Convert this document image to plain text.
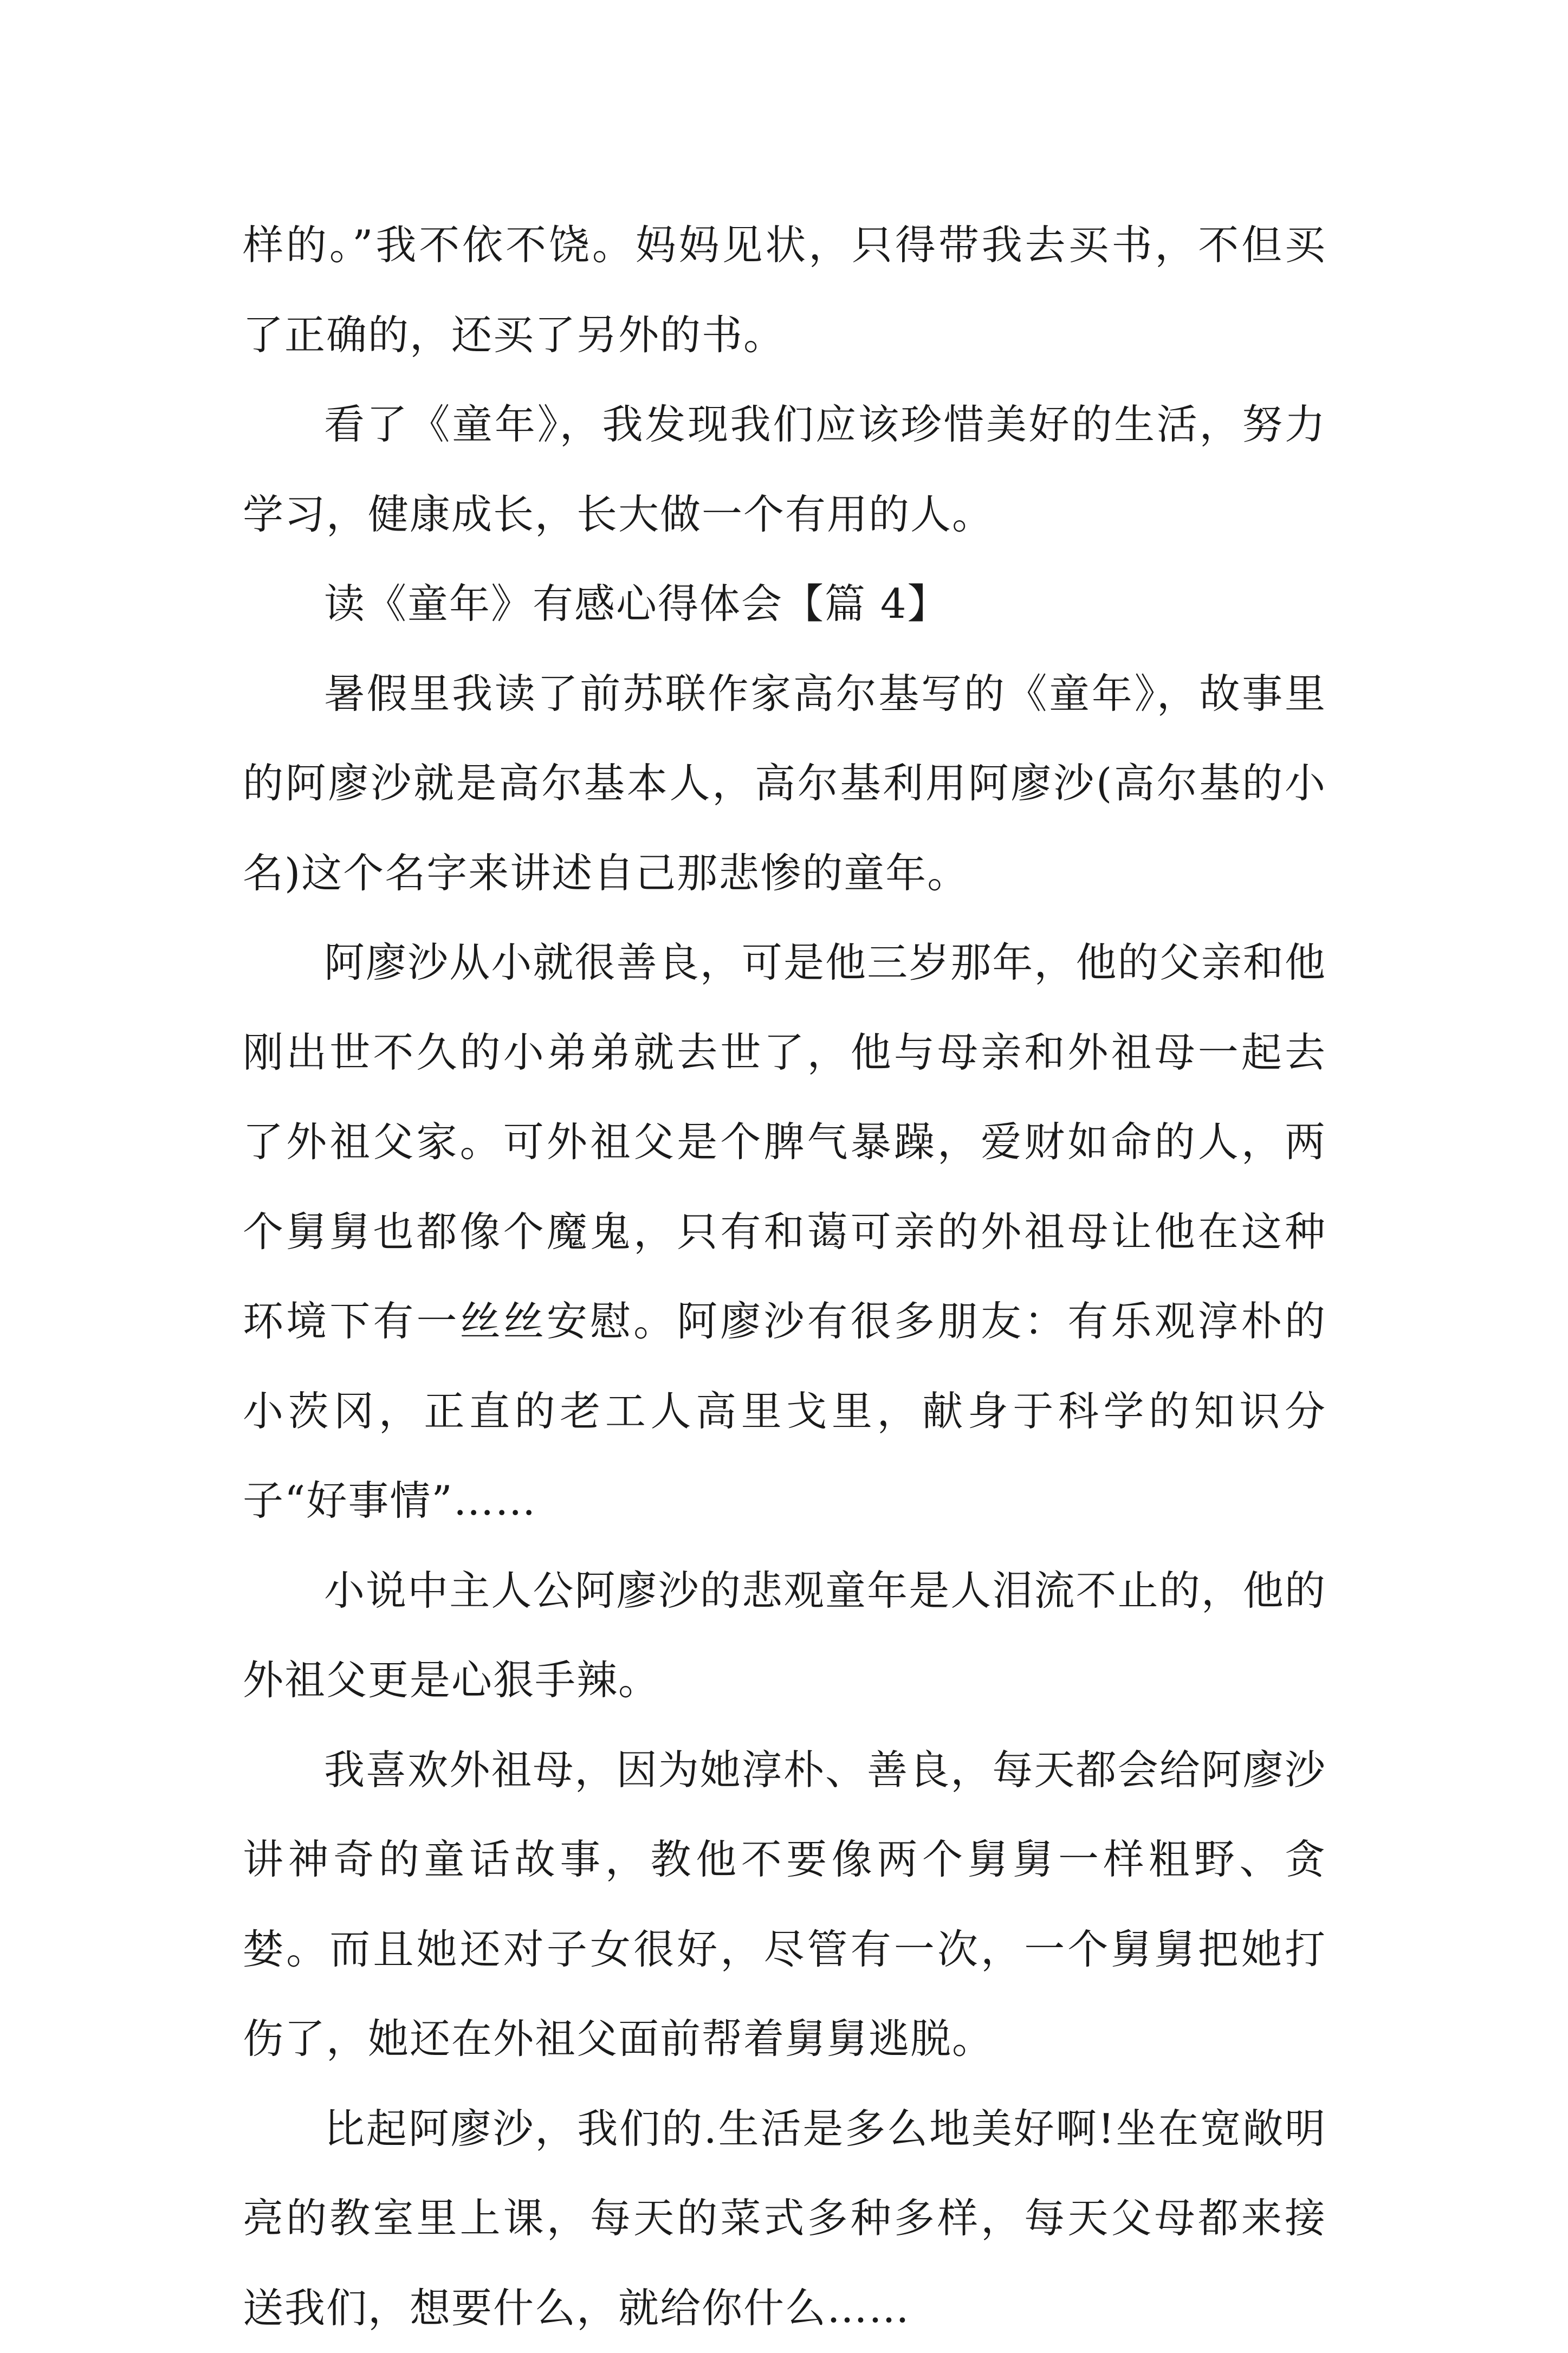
样的。”我不依不饶。妈妈见状，只得带我去买书，不但买了正确的，还买了另外的书。

看了《童年》，我发现我们应该珍惜美好的生活，努力学习，健康成长，长大做一个有用的人。

读《童年》有感心得体会【篇 4】

暑假里我读了前苏联作家高尔基写的《童年》，故事里的阿廖沙就是高尔基本人，高尔基利用阿廖沙(高尔基的小名)这个名字来讲述自己那悲惨的童年。

阿廖沙从小就很善良，可是他三岁那年，他的父亲和他刚出世不久的小弟弟就去世了，他与母亲和外祖母一起去了外祖父家。可外祖父是个脾气暴躁，爱财如命的人，两个舅舅也都像个魔鬼，只有和蔼可亲的外祖母让他在这种环境下有一丝丝安慰。阿廖沙有很多朋友：有乐观淳朴的小茨冈，正直的老工人高里戈里，献身于科学的知识分子“好事情”……

小说中主人公阿廖沙的悲观童年是人泪流不止的，他的外祖父更是心狠手辣。

我喜欢外祖母，因为她淳朴、善良，每天都会给阿廖沙讲神奇的童话故事，教他不要像两个舅舅一样粗野、贪婪。而且她还对子女很好，尽管有一次，一个舅舅把她打伤了，她还在外祖父面前帮着舅舅逃脱。

比起阿廖沙，我们的.生活是多么地美好啊!坐在宽敞明亮的教室里上课，每天的菜式多种多样，每天父母都来接送我们，想要什么，就给你什么……
